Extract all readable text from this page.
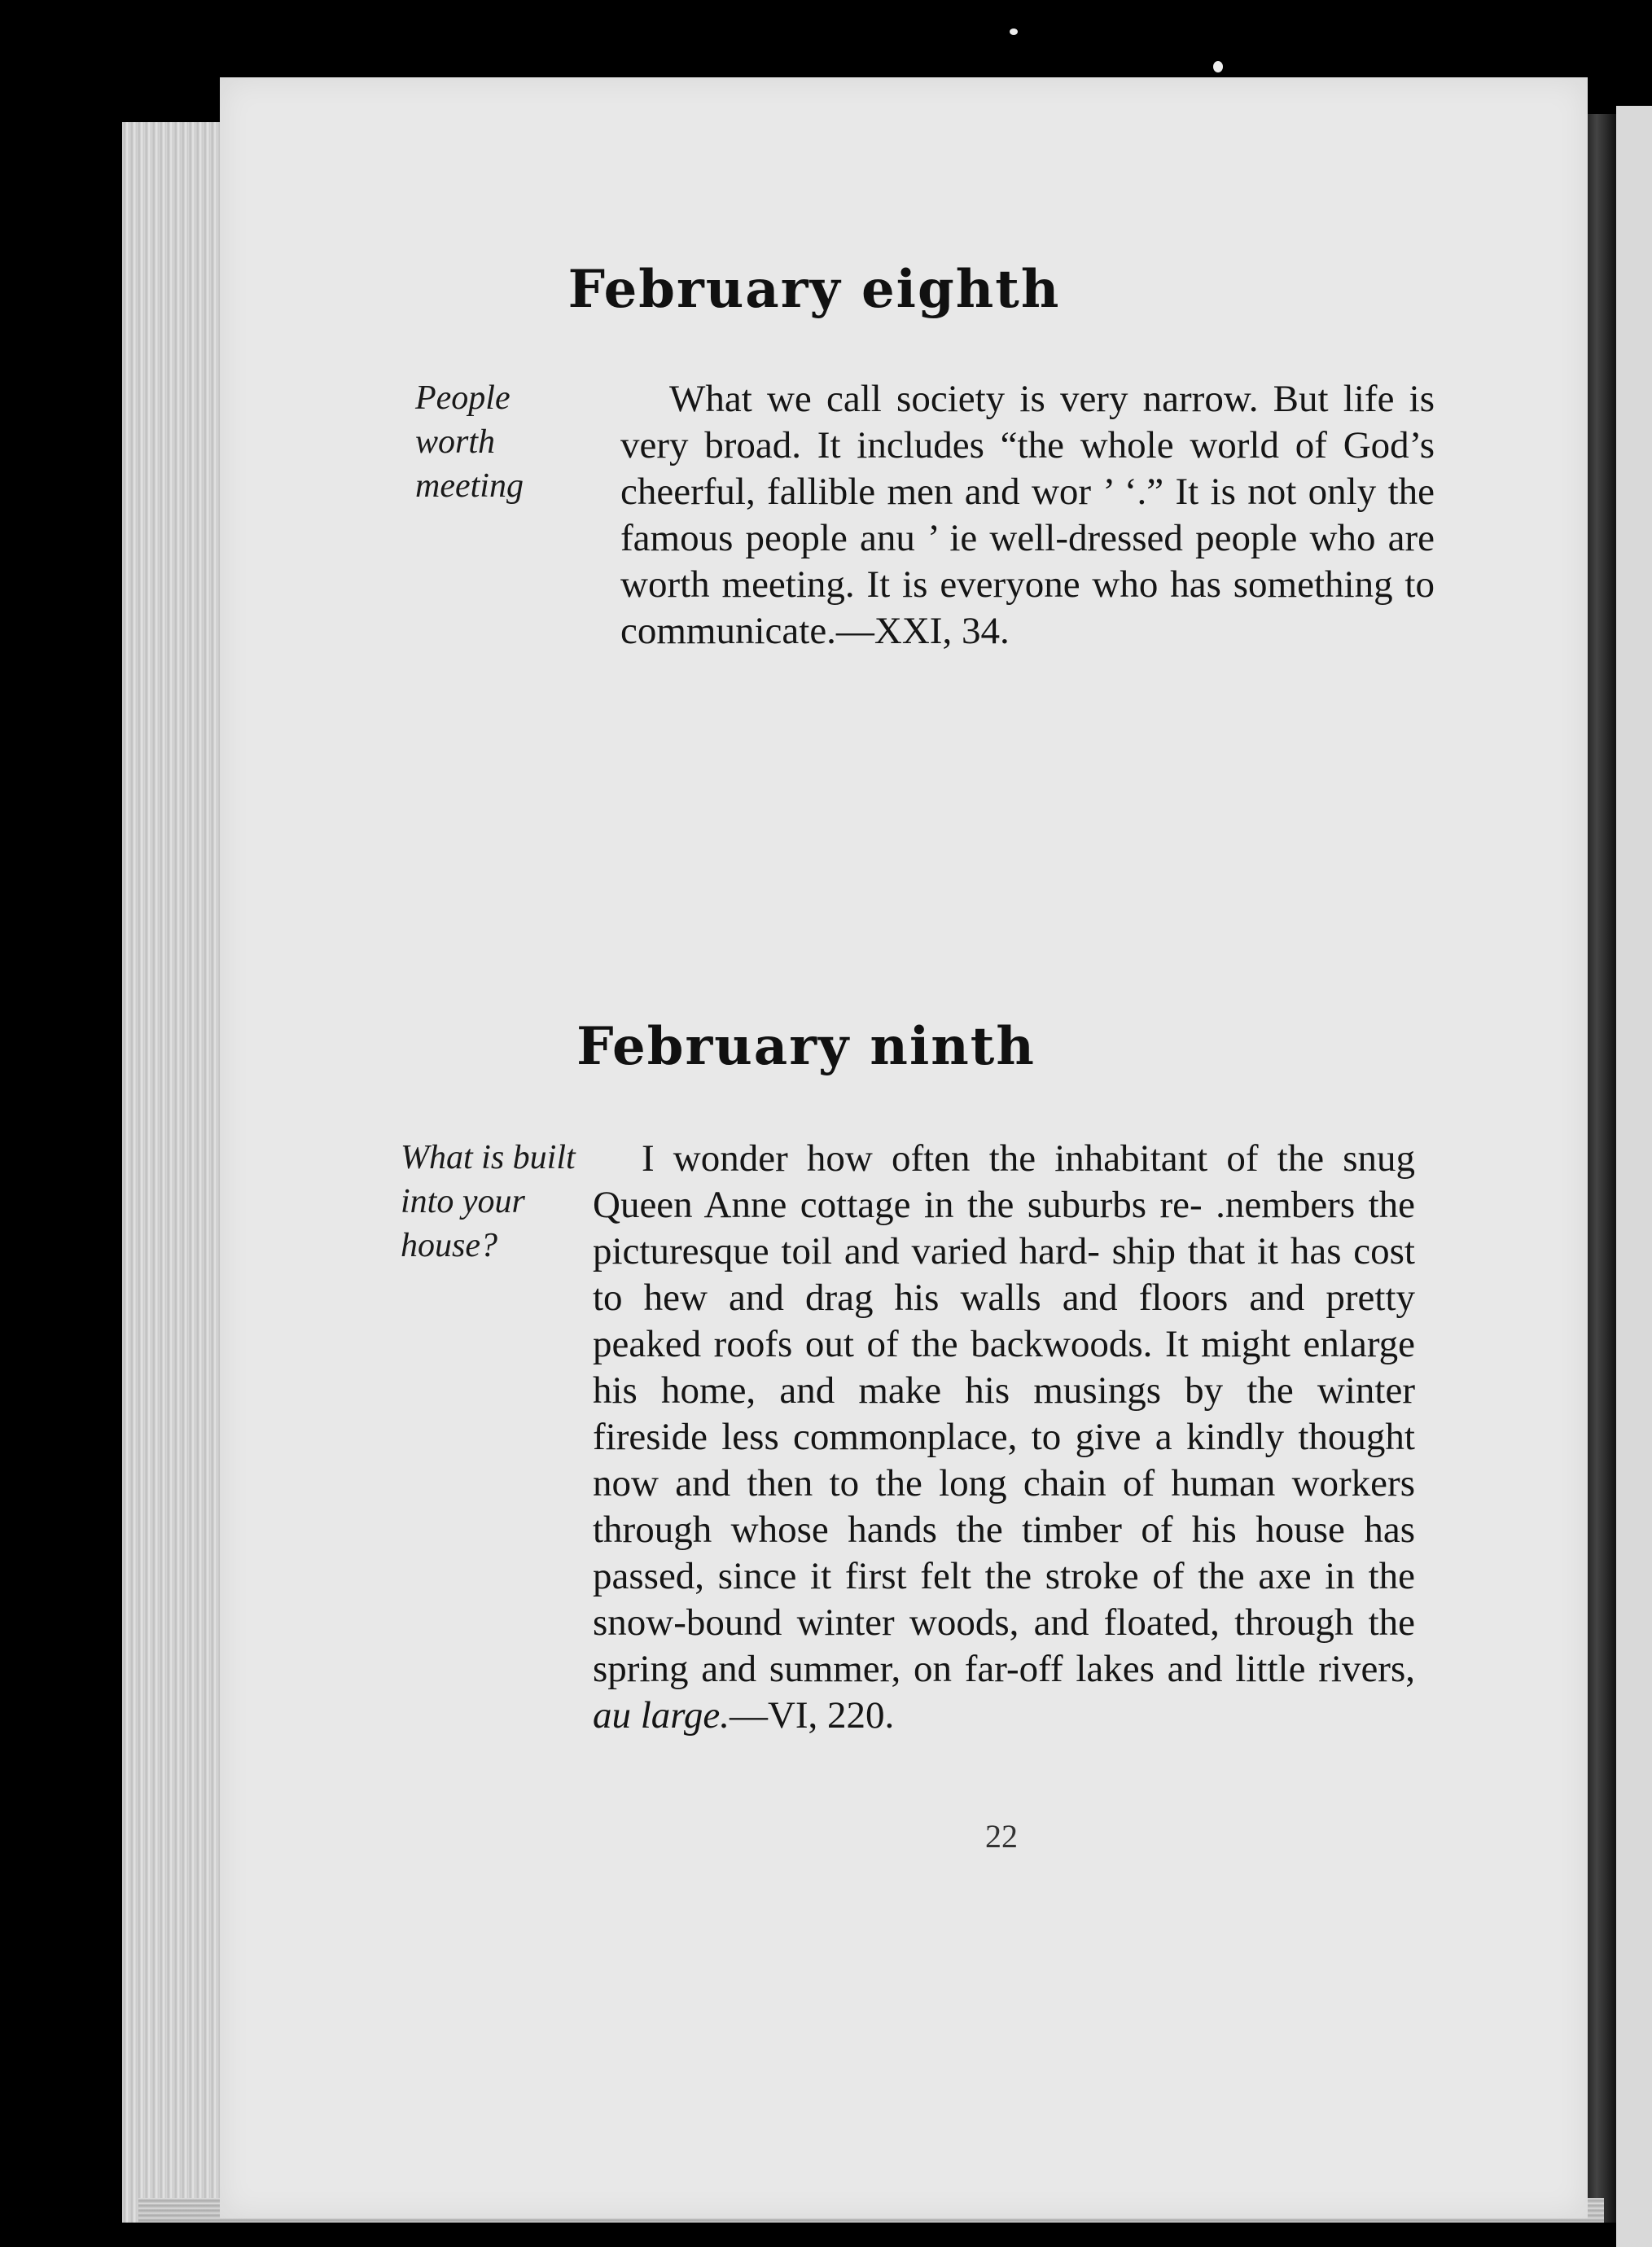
February eighth
People worth meeting

What we call society is very narrow. But life is very broad. It includes “the whole world of God’s cheerful, fallible men and wor ’ ‘.” It is not only the famous people anu ’ ie well-dressed people who are worth meeting. It is everyone who has something to communicate.—XXI, 34.

February ninth
What is built into your house?

I wonder how often the inhabitant of the snug Queen Anne cottage in the suburbs re- .nembers the picturesque toil and varied hard- ship that it has cost to hew and drag his walls and floors and pretty peaked roofs out of the backwoods. It might enlarge his home, and make his musings by the winter fireside less commonplace, to give a kindly thought now and then to the long chain of human workers through whose hands the timber of his house has passed, since it first felt the stroke of the axe in the snow-bound winter woods, and floated, through the spring and summer, on far-off lakes and little rivers, au large.—VI, 220.

22
